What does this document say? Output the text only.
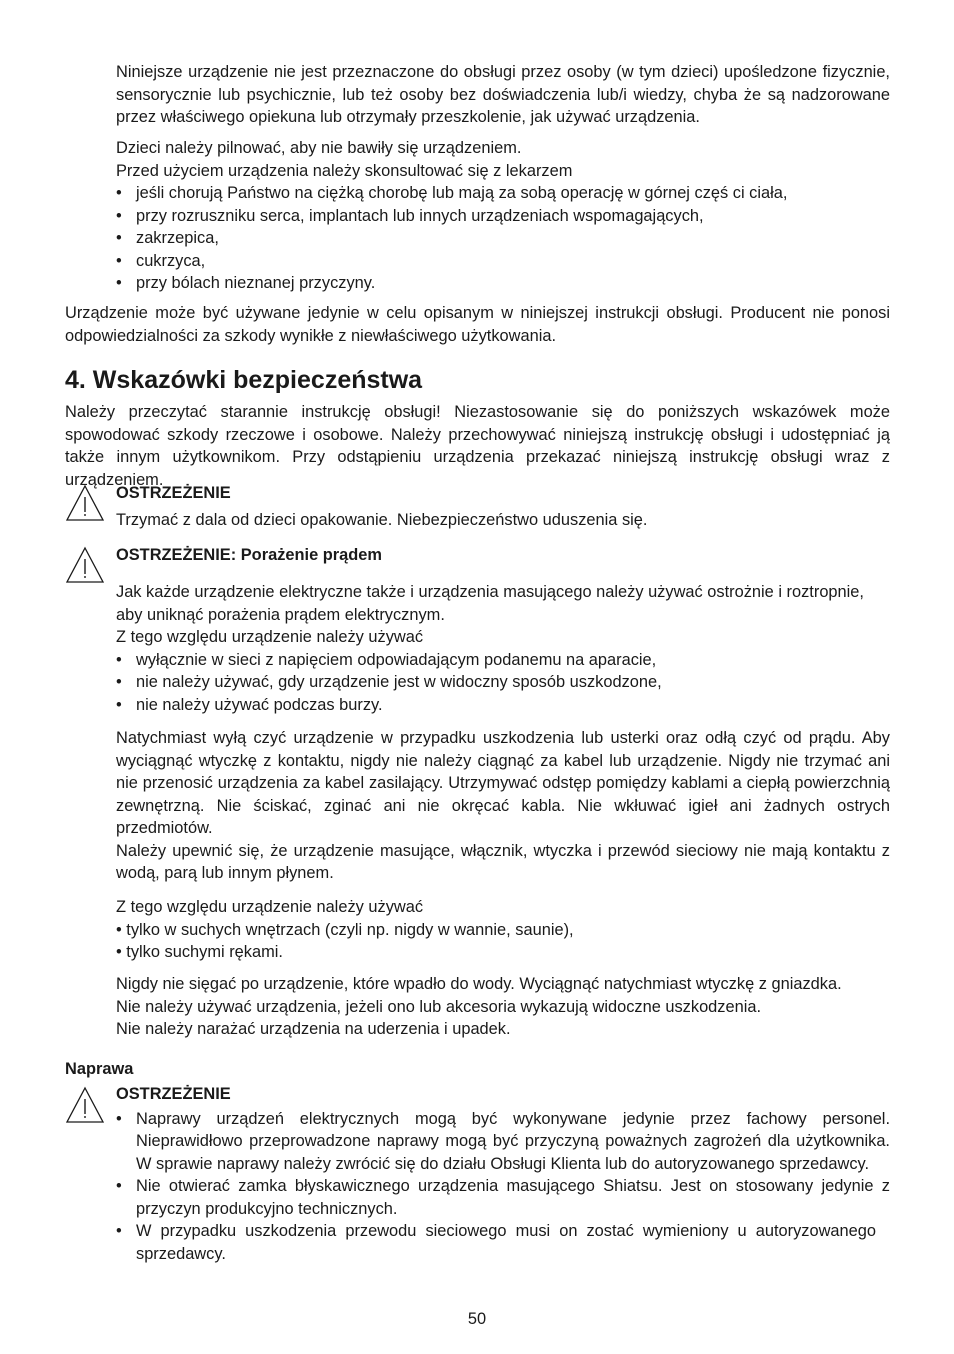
Niniejsze urządzenie nie jest przeznaczone do obsługi przez osoby (w tym dzieci) upośledzone fizycznie, sensorycznie lub psychicznie, lub też osoby bez doświadczenia lub/i wiedzy, chyba że są nadzorowane przez właściwego opiekuna lub otrzymały przeszkolenie, jak używać urządzenia.

Dzieci należy pilnować, aby nie bawiły się urządzeniem.

Przed użyciem urządzenia należy skonsultować się z lekarzem

• jeśli chorują Państwo na ciężką chorobę lub mają za sobą operację w górnej częś ci ciała,
• przy rozruszniku serca, implantach lub innych urządzeniach wspomagających,
• zakrzepica,
• cukrzyca,
• przy bólach nieznanej przyczyny.

Urządzenie może być używane jedynie w celu opisanym w niniejszej instrukcji obsługi. Producent nie ponosi odpowiedzialności za szkody wynikłe z niewłaściwego użytkowania.

4. Wskazówki bezpieczeństwa

Należy przeczytać starannie instrukcję obsługi! Niezastosowanie się do poniższych wskazówek może spowodować szkody rzeczowe i osobowe. Należy przechowywać niniejszą instrukcję obsługi i udostępniać ją także innym użytkownikom. Przy odstąpieniu urządzenia przekazać niniejszą instrukcję obsługi wraz z urządzeniem.

OSTRZEŻENIE

Trzymać z dala od dzieci opakowanie. Niebezpieczeństwo uduszenia się.

OSTRZEŻENIE: Porażenie prądem

Jak każde urządzenie elektryczne także i urządzenia masującego należy używać ostrożnie i roztropnie, aby uniknąć porażenia prądem elektrycznym.

Z tego względu urządzenie należy używać

• wyłącznie w sieci z napięciem odpowiadającym podanemu na aparacie,
• nie należy używać, gdy urządzenie jest w widoczny sposób uszkodzone,
• nie należy używać podczas burzy.

Natychmiast wyłą czyć urządzenie w przypadku uszkodzenia lub usterki oraz odłą czyć od prądu. Aby wyciągnąć wtyczkę z kontaktu, nigdy nie należy ciągnąć za kabel lub urządzenie. Nigdy nie trzymać ani nie przenosić urządzenia za kabel zasilający. Utrzymywać odstęp pomiędzy kablami a ciepłą powierzchnią zewnętrzną. Nie ściskać, zginać ani nie okręcać kabla. Nie wkłuwać igieł ani żadnych ostrych przedmiotów.

Należy upewnić się, że urządzenie masujące, włącznik, wtyczka i przewód sieciowy nie mają kontaktu z wodą, parą lub innym płynem.

Z tego względu urządzenie należy używać

• tylko w suchych wnętrzach (czyli np. nigdy w wannie, saunie),

• tylko suchymi rękami.

Nigdy nie sięgać po urządzenie, które wpadło do wody. Wyciągnąć natychmiast wtyczkę z gniazdka.

Nie należy używać urządzenia, jeżeli ono lub akcesoria wykazują widoczne uszkodzenia.

Nie należy narażać urządzenia na uderzenia i upadek.

Naprawa

OSTRZEŻENIE

• Naprawy urządzeń elektrycznych mogą być wykonywane jedynie przez fachowy personel. Nieprawidłowo przeprowadzone naprawy mogą być przyczyną poważnych zagrożeń dla użytkownika. W sprawie naprawy należy zwrócić się do działu Obsługi Klienta lub do autoryzowanego sprzedawcy.
• Nie otwierać zamka błyskawicznego urządzenia masującego Shiatsu. Jest on stosowany jedynie z przyczyn produkcyjno technicznych.
• W przypadku uszkodzenia przewodu sieciowego musi on zostać wymieniony u autoryzowanego sprzedawcy.
50
